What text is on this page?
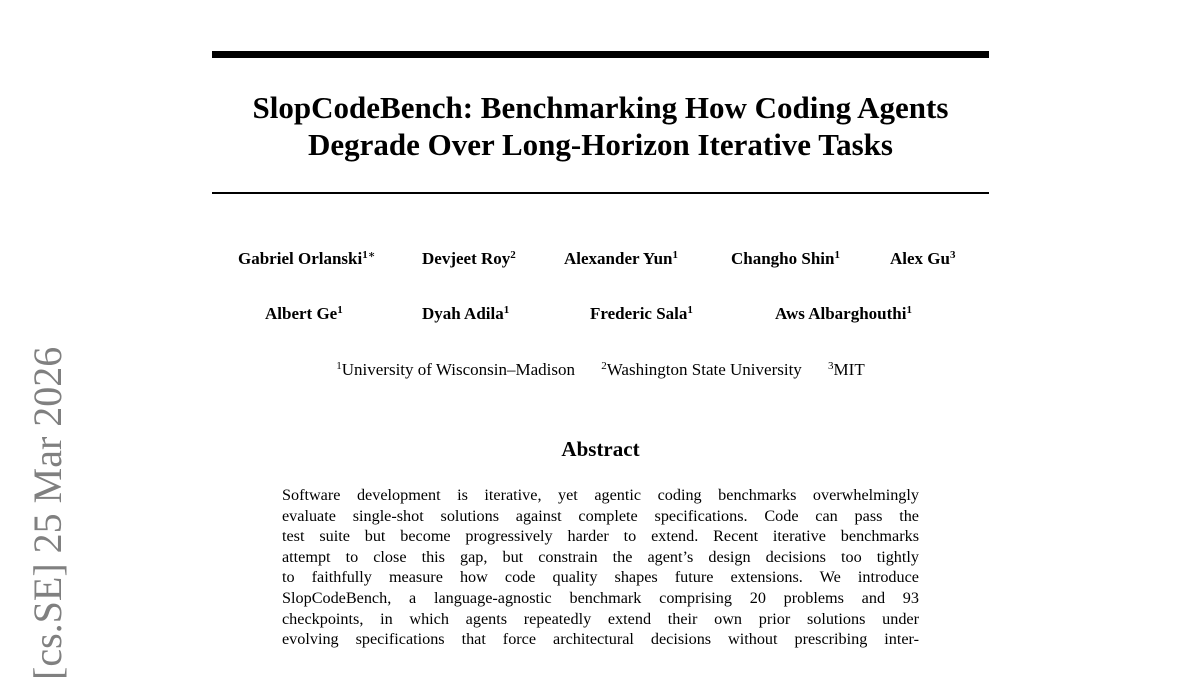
SlopCodeBench: Benchmarking How Coding Agents
Degrade Over Long-Horizon Iterative Tasks
Gabriel Orlanski$^{1∗}$	Devjeet Roy$^2$	Alexander Yun$^1$	Changho Shin$^1$	Alex Gu$^3$
Albert Ge$^1$	Dyah Adila$^1$	Frederic Sala$^1$	Aws Albarghouthi$^1$
$^1$University of Wisconsin–Madison $^2$Washington State University $^3$MIT
Abstract
Software development is iterative, yet agentic coding benchmarks overwhelmingly
evaluate single-shot solutions against complete specifications. Code can pass the
test suite but become progressively harder to extend. Recent iterative benchmarks
attempt to close this gap, but constrain the agent’s design decisions too tightly
to faithfully measure how code quality shapes future extensions. We introduce
SlopCodeBench, a language-agnostic benchmark comprising 20 problems and 93
checkpoints, in which agents repeatedly extend their own prior solutions under
evolving specifications that force architectural decisions without prescribing inter-
[cs.SE] 25 Mar 2026
